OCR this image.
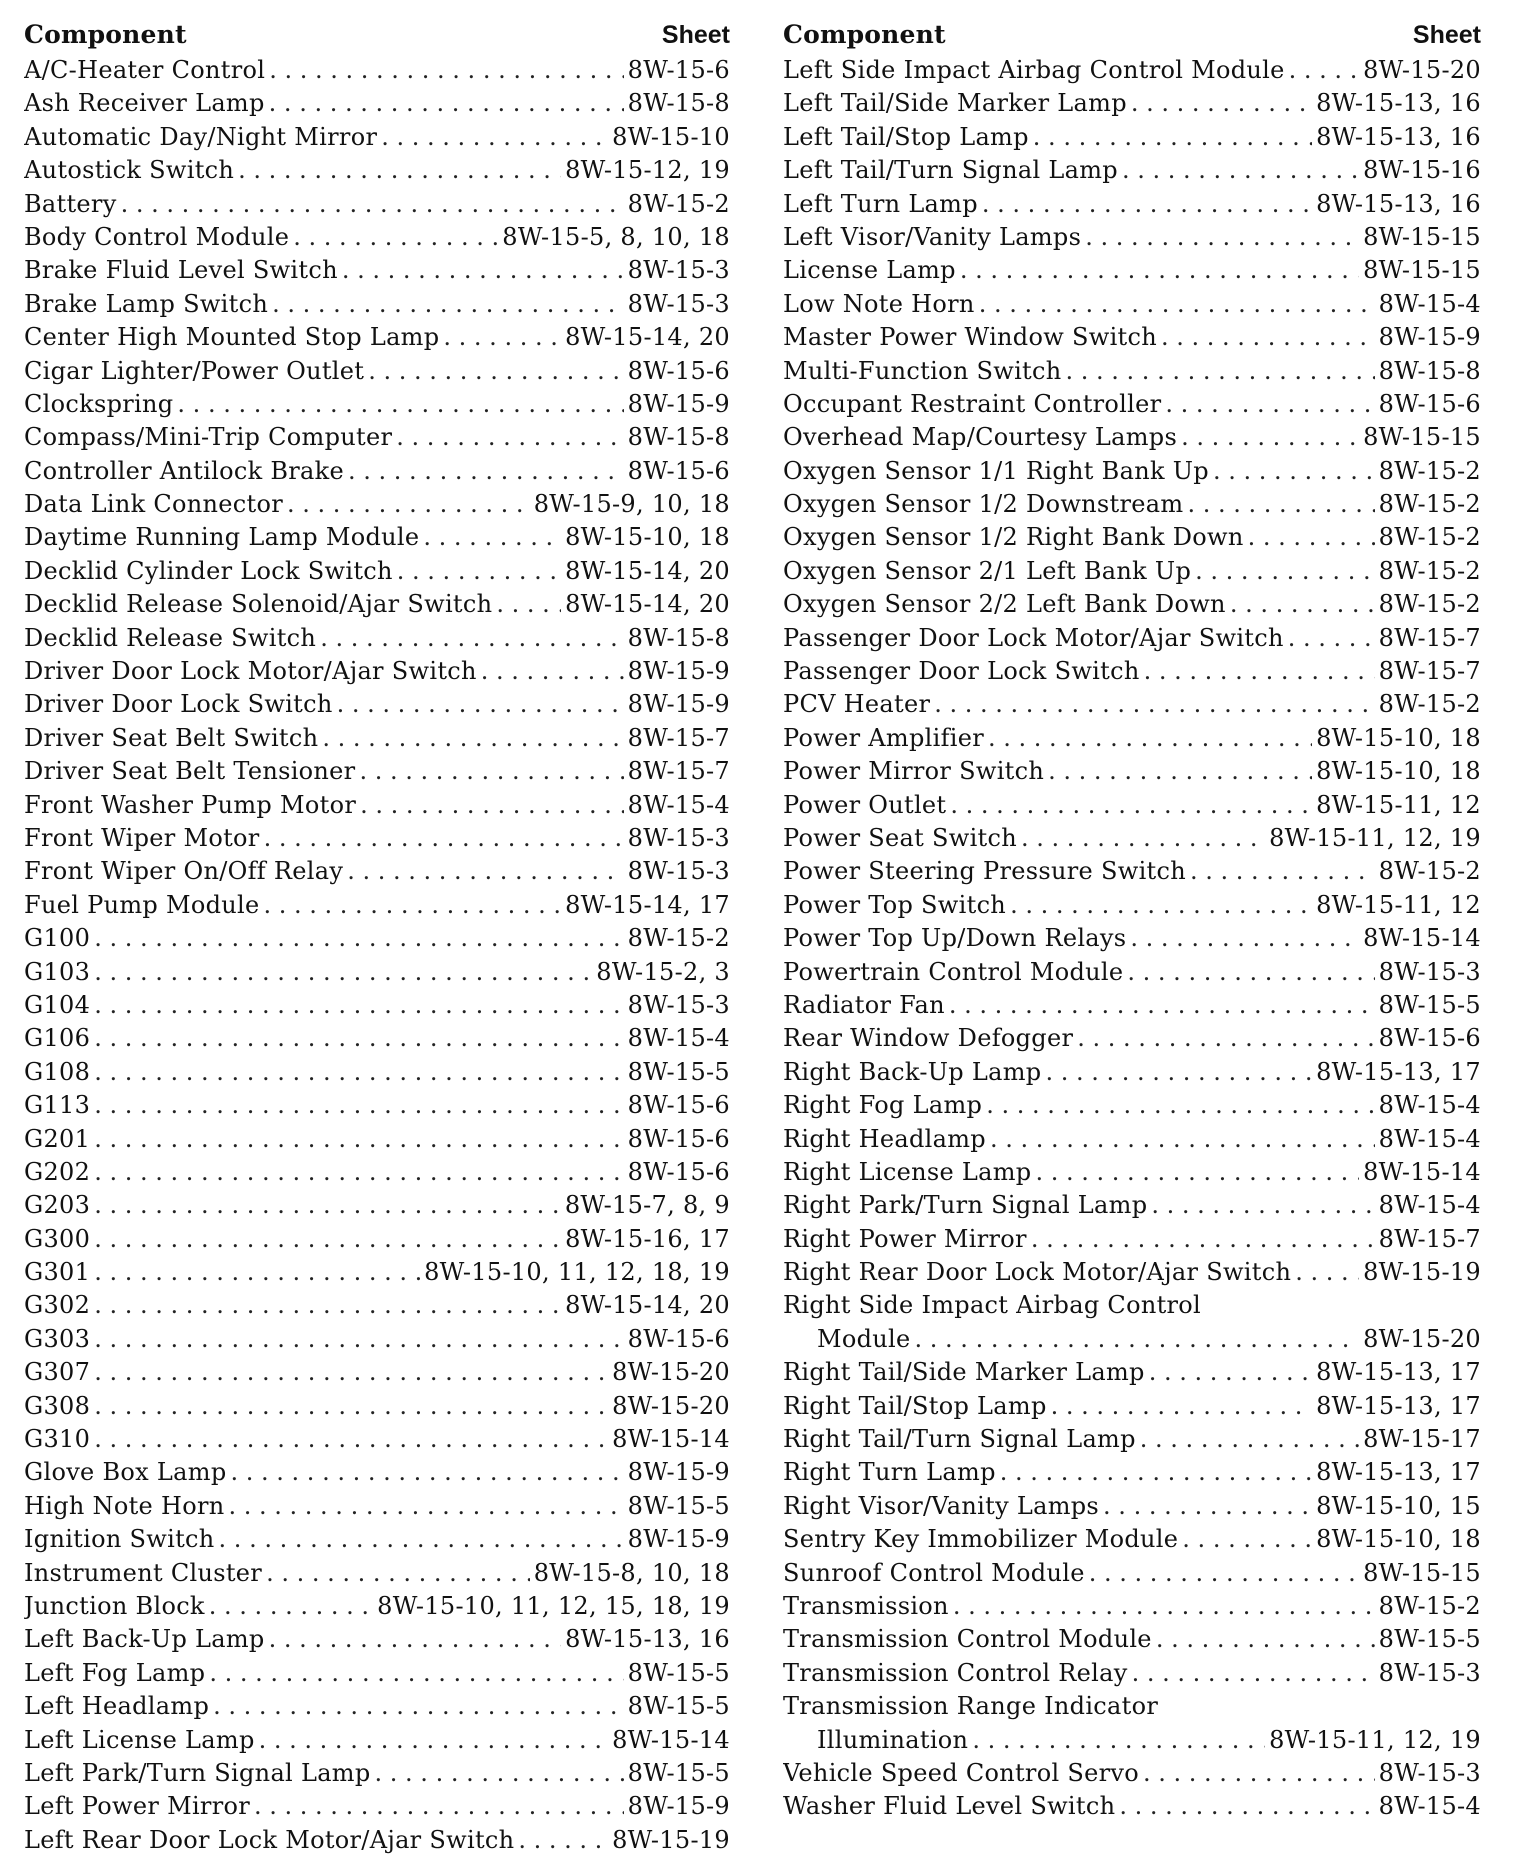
Component	Sheet
A/C-Heater Control . . .	8W-15-6
Ash Receiver Lamp . . .	8W-15-8
Automatic Day/Night Mirror . . .	8W-15-10
Autostick Switch . . .	8W-15-12, 19
Battery . . .	8W-15-2
Body Control Module . . .	8W-15-5, 8, 10, 18
Brake Fluid Level Switch . . .	8W-15-3
Brake Lamp Switch . . .	8W-15-3
Center High Mounted Stop Lamp . . .	8W-15-14, 20
Cigar Lighter/Power Outlet . . .	8W-15-6
Clockspring . . .	8W-15-9
Compass/Mini-Trip Computer . . .	8W-15-8
Controller Antilock Brake . . .	8W-15-6
Data Link Connector . . .	8W-15-9, 10, 18
Daytime Running Lamp Module . . .	8W-15-10, 18
Decklid Cylinder Lock Switch . . .	8W-15-14, 20
Decklid Release Solenoid/Ajar Switch . . .	8W-15-14, 20
Decklid Release Switch . . .	8W-15-8
Driver Door Lock Motor/Ajar Switch . . .	8W-15-9
Driver Door Lock Switch . . .	8W-15-9
Driver Seat Belt Switch . . .	8W-15-7
Driver Seat Belt Tensioner . . .	8W-15-7
Front Washer Pump Motor . . .	8W-15-4
Front Wiper Motor . . .	8W-15-3
Front Wiper On/Off Relay . . .	8W-15-3
Fuel Pump Module . . .	8W-15-14, 17
G100 . . .	8W-15-2
G103 . . .	8W-15-2, 3
G104 . . .	8W-15-3
G106 . . .	8W-15-4
G108 . . .	8W-15-5
G113 . . .	8W-15-6
G201 . . .	8W-15-6
G202 . . .	8W-15-6
G203 . . .	8W-15-7, 8, 9
G300 . . .	8W-15-16, 17
G301 . . .	8W-15-10, 11, 12, 18, 19
G302 . . .	8W-15-14, 20
G303 . . .	8W-15-6
G307 . . .	8W-15-20
G308 . . .	8W-15-20
G310 . . .	8W-15-14
Glove Box Lamp . . .	8W-15-9
High Note Horn . . .	8W-15-5
Ignition Switch . . .	8W-15-9
Instrument Cluster . . .	8W-15-8, 10, 18
Junction Block . . .	8W-15-10, 11, 12, 15, 18, 19
Left Back-Up Lamp . . .	8W-15-13, 16
Left Fog Lamp . . .	8W-15-5
Left Headlamp . . .	8W-15-5
Left License Lamp . . .	8W-15-14
Left Park/Turn Signal Lamp . . .	8W-15-5
Left Power Mirror . . .	8W-15-9
Left Rear Door Lock Motor/Ajar Switch . . .	8W-15-19
Component	Sheet
Left Side Impact Airbag Control Module . . .	8W-15-20
Left Tail/Side Marker Lamp . . .	8W-15-13, 16
Left Tail/Stop Lamp . . .	8W-15-13, 16
Left Tail/Turn Signal Lamp . . .	8W-15-16
Left Turn Lamp . . .	8W-15-13, 16
Left Visor/Vanity Lamps . . .	8W-15-15
License Lamp . . .	8W-15-15
Low Note Horn . . .	8W-15-4
Master Power Window Switch . . .	8W-15-9
Multi-Function Switch . . .	8W-15-8
Occupant Restraint Controller . . .	8W-15-6
Overhead Map/Courtesy Lamps . . .	8W-15-15
Oxygen Sensor 1/1 Right Bank Up . . .	8W-15-2
Oxygen Sensor 1/2 Downstream . . .	8W-15-2
Oxygen Sensor 1/2 Right Bank Down . . .	8W-15-2
Oxygen Sensor 2/1 Left Bank Up . . .	8W-15-2
Oxygen Sensor 2/2 Left Bank Down . . .	8W-15-2
Passenger Door Lock Motor/Ajar Switch . . .	8W-15-7
Passenger Door Lock Switch . . .	8W-15-7
PCV Heater . . .	8W-15-2
Power Amplifier . . .	8W-15-10, 18
Power Mirror Switch . . .	8W-15-10, 18
Power Outlet . . .	8W-15-11, 12
Power Seat Switch . . .	8W-15-11, 12, 19
Power Steering Pressure Switch . . .	8W-15-2
Power Top Switch . . .	8W-15-11, 12
Power Top Up/Down Relays . . .	8W-15-14
Powertrain Control Module . . .	8W-15-3
Radiator Fan . . .	8W-15-5
Rear Window Defogger . . .	8W-15-6
Right Back-Up Lamp . . .	8W-15-13, 17
Right Fog Lamp . . .	8W-15-4
Right Headlamp . . .	8W-15-4
Right License Lamp . . .	8W-15-14
Right Park/Turn Signal Lamp . . .	8W-15-4
Right Power Mirror . . .	8W-15-7
Right Rear Door Lock Motor/Ajar Switch . . .	8W-15-19
Right Side Impact Airbag Control
Module . . .	8W-15-20
Right Tail/Side Marker Lamp . . .	8W-15-13, 17
Right Tail/Stop Lamp . . .	8W-15-13, 17
Right Tail/Turn Signal Lamp . . .	8W-15-17
Right Turn Lamp . . .	8W-15-13, 17
Right Visor/Vanity Lamps . . .	8W-15-10, 15
Sentry Key Immobilizer Module . . .	8W-15-10, 18
Sunroof Control Module . . .	8W-15-15
Transmission . . .	8W-15-2
Transmission Control Module . . .	8W-15-5
Transmission Control Relay . . .	8W-15-3
Transmission Range Indicator
Illumination . . .	8W-15-11, 12, 19
Vehicle Speed Control Servo . . .	8W-15-3
Washer Fluid Level Switch . . .	8W-15-4
